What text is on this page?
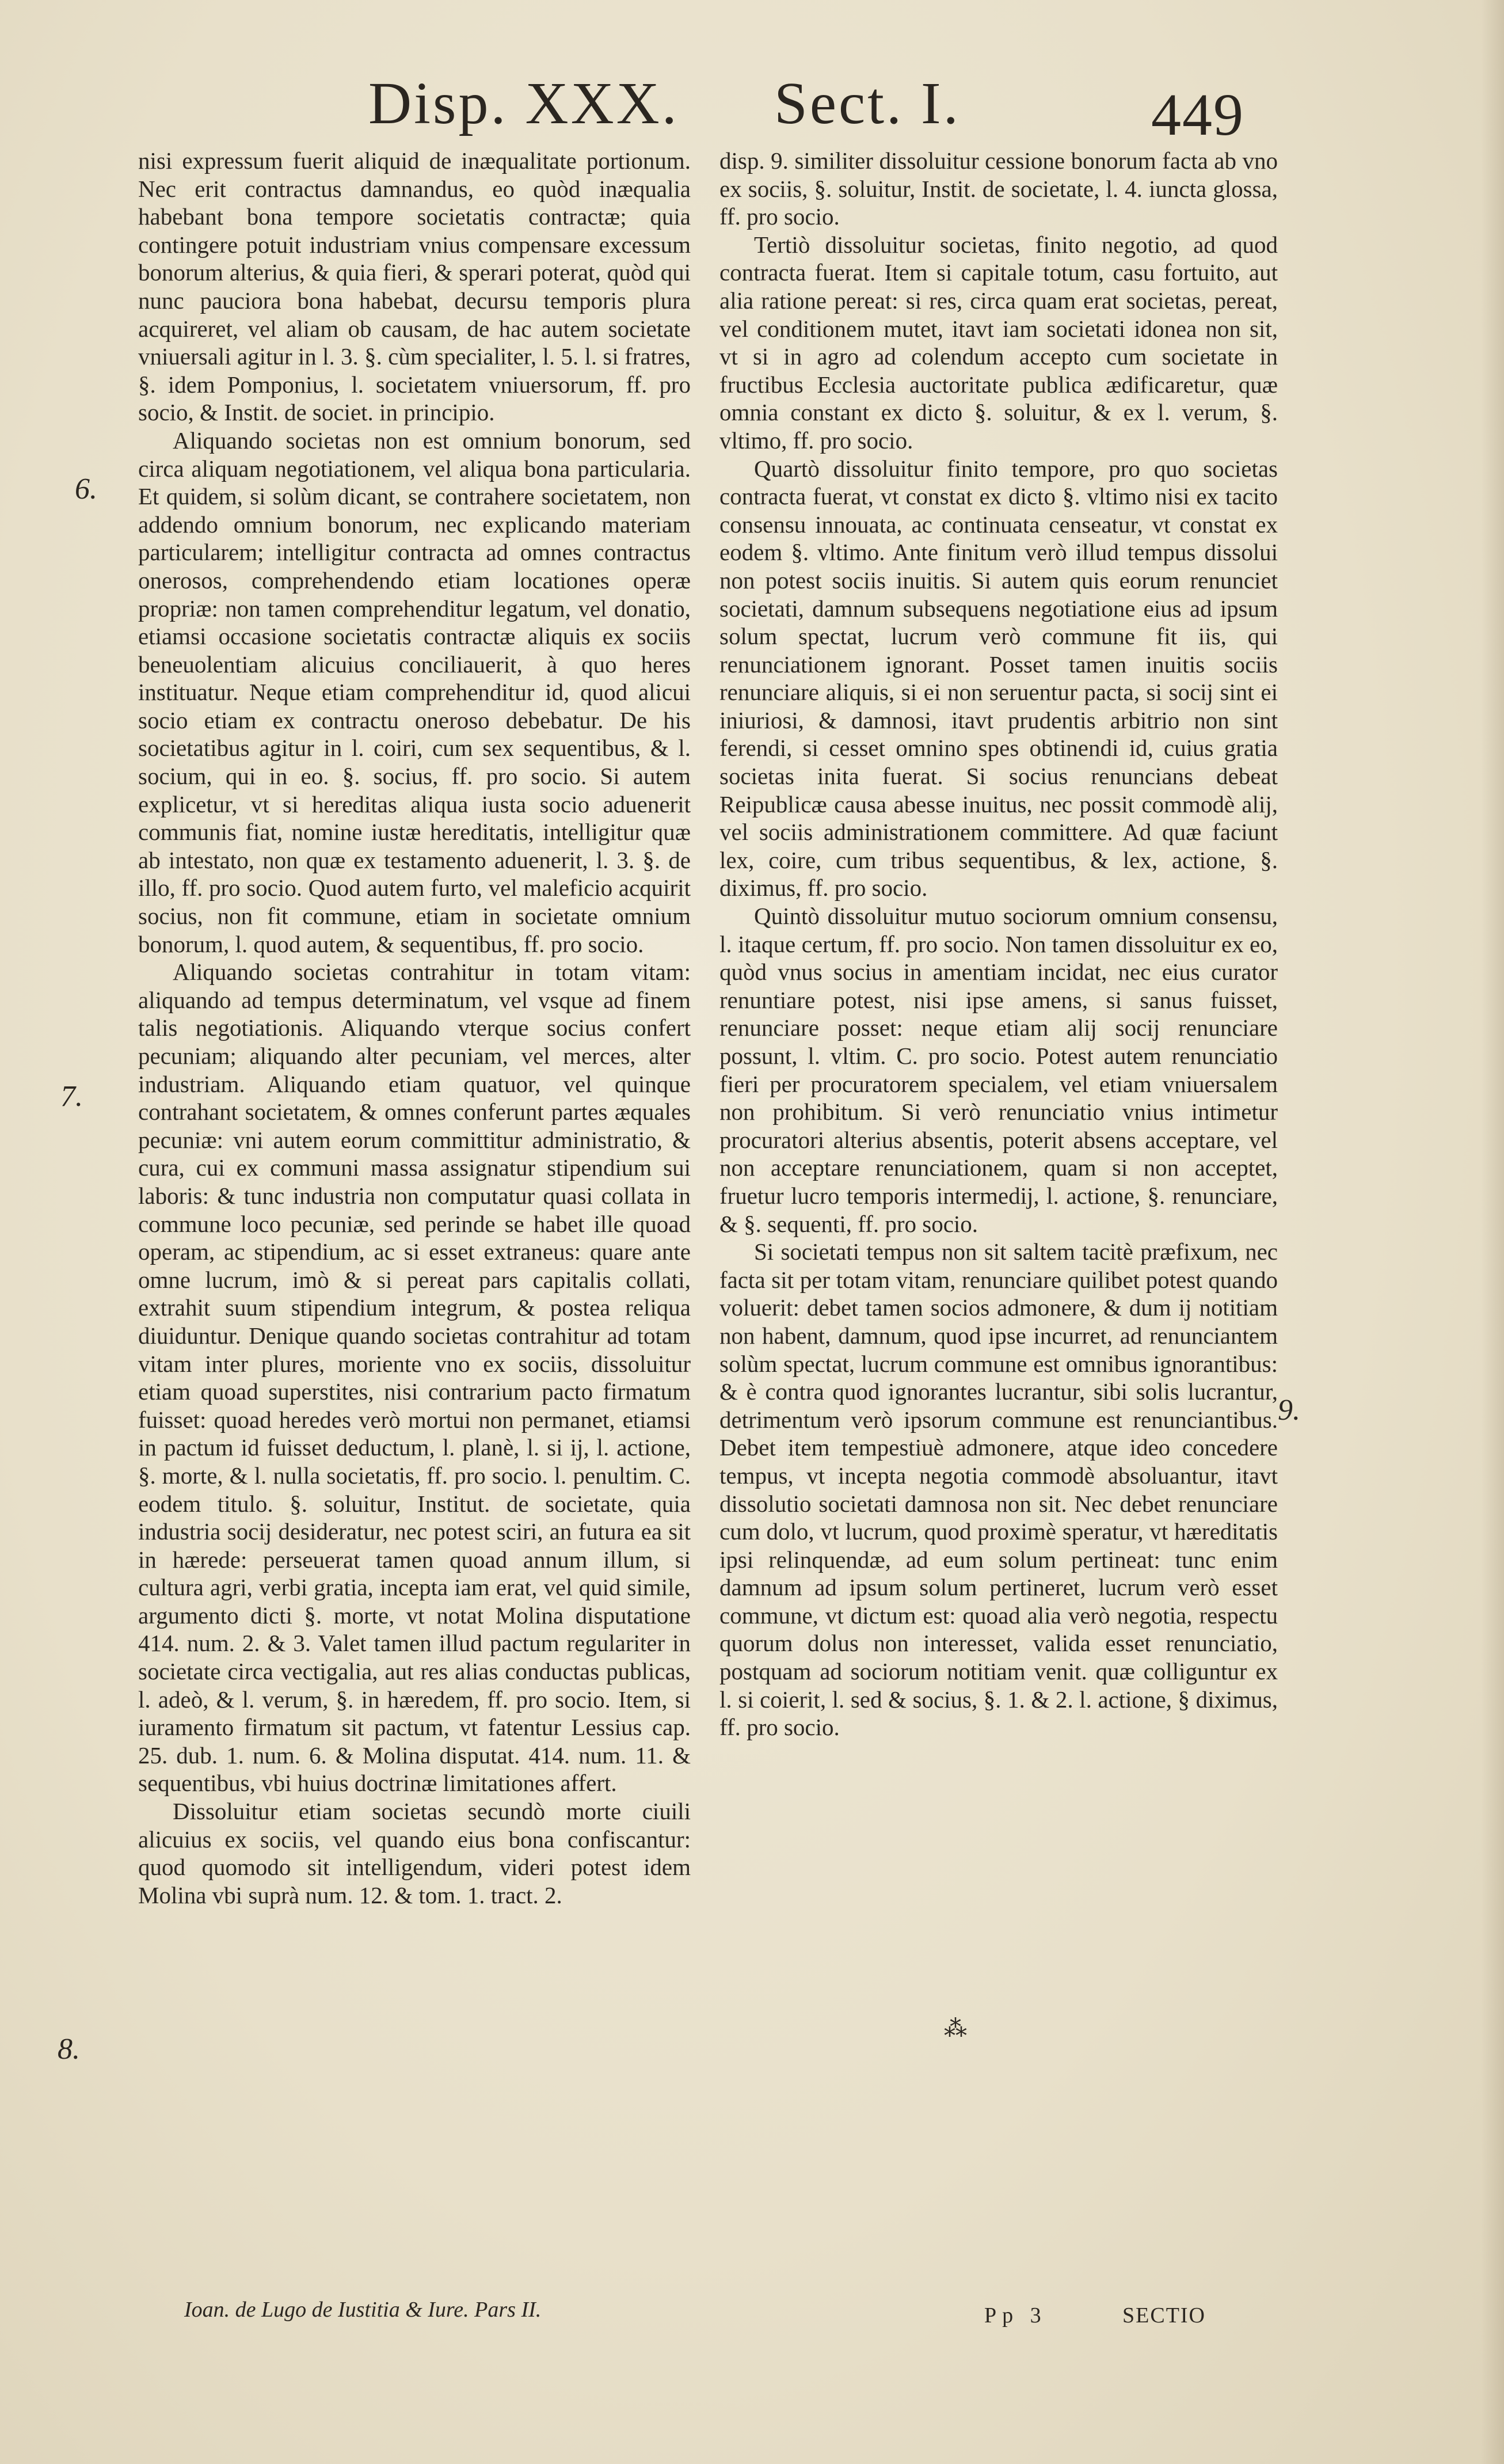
Disp. XXX. Sect. I.	449

nisi expressum fuerit aliquid de inæqualitate portionum. Nec erit contractus damnandus, eo quòd inæqualia habebant bona tempore societatis contractæ; quia contingere potuit industriam vnius compensare excessum bonorum alterius, & quia fieri, & sperari poterat, quòd qui nunc pauciora bona habebat, decursu temporis plura acquireret, vel aliam ob causam, de hac autem societate vniuersali agitur in l. 3. §. cùm specialiter, l. 5. l. si fratres, §. idem Pomponius, l. societatem vniuersorum, ff. pro socio, & Instit. de societ. in principio.

Aliquando societas non est omnium bonorum, sed circa aliquam negotiationem, vel aliqua bona particularia. Et quidem, si solùm dicant, se contrahere societatem, non addendo omnium bonorum, nec explicando materiam particularem; intelligitur contracta ad omnes contractus onerosos, comprehendendo etiam locationes operæ propriæ: non tamen comprehenditur legatum, vel donatio, etiamsi occasione societatis contractæ aliquis ex sociis beneuolentiam alicuius conciliauerit, à quo heres instituatur. Neque etiam comprehenditur id, quod alicui socio etiam ex contractu oneroso debebatur. De his societatibus agitur in l. coiri, cum sex sequentibus, & l. socium, qui in eo. §. socius, ff. pro socio. Si autem explicetur, vt si hereditas aliqua iusta socio aduenerit communis fiat, nomine iustæ hereditatis, intelligitur quæ ab intestato, non quæ ex testamento aduenerit, l. 3. §. de illo, ff. pro socio. Quod autem furto, vel maleficio acquirit socius, non fit commune, etiam in societate omnium bonorum, l. quod autem, & sequentibus, ff. pro socio.

Aliquando societas contrahitur in totam vitam: aliquando ad tempus determinatum, vel vsque ad finem talis negotiationis. Aliquando vterque socius confert pecuniam; aliquando alter pecuniam, vel merces, alter industriam. Aliquando etiam quatuor, vel quinque contrahant societatem, & omnes conferunt partes æquales pecuniæ: vni autem eorum committitur administratio, & cura, cui ex communi massa assignatur stipendium sui laboris: & tunc industria non computatur quasi collata in commune loco pecuniæ, sed perinde se habet ille quoad operam, ac stipendium, ac si esset extraneus: quare ante omne lucrum, imò & si pereat pars capitalis collati, extrahit suum stipendium integrum, & postea reliqua diuiduntur. Denique quando societas contrahitur ad totam vitam inter plures, moriente vno ex sociis, dissoluitur etiam quoad superstites, nisi contrarium pacto firmatum fuisset: quoad heredes verò mortui non permanet, etiamsi in pactum id fuisset deductum, l. planè, l. si ij, l. actione, §. morte, & l. nulla societatis, ff. pro socio. l. penultim. C. eodem titulo. §. soluitur, Institut. de societate, quia industria socij desideratur, nec potest sciri, an futura ea sit in hærede: perseuerat tamen quoad annum illum, si cultura agri, verbi gratia, incepta iam erat, vel quid simile, argumento dicti §. morte, vt notat Molina disputatione 414. num. 2. & 3. Valet tamen illud pactum regulariter in societate circa vectigalia, aut res alias conductas publicas, l. adeò, & l. verum, §. in hæredem, ff. pro socio. Item, si iuramento firmatum sit pactum, vt fatentur Lessius cap. 25. dub. 1. num. 6. & Molina disputat. 414. num. 11. & sequentibus, vbi huius doctrinæ limitationes affert.

Dissoluitur etiam societas secundò morte ciuili alicuius ex sociis, vel quando eius bona confiscantur: quod quomodo sit intelligendum, videri potest idem Molina vbi suprà num. 12. & tom. 1. tract. 2.

disp. 9. similiter dissoluitur cessione bonorum facta ab vno ex sociis, §. soluitur, Instit. de societate, l. 4. iuncta glossa, ff. pro socio.

Tertiò dissoluitur societas, finito negotio, ad quod contracta fuerat. Item si capitale totum, casu fortuito, aut alia ratione pereat: si res, circa quam erat societas, pereat, vel conditionem mutet, itavt iam societati idonea non sit, vt si in agro ad colendum accepto cum societate in fructibus Ecclesia auctoritate publica ædificaretur, quæ omnia constant ex dicto §. soluitur, & ex l. verum, §. vltimo, ff. pro socio.

Quartò dissoluitur finito tempore, pro quo societas contracta fuerat, vt constat ex dicto §. vltimo nisi ex tacito consensu innouata, ac continuata censeatur, vt constat ex eodem §. vltimo. Ante finitum verò illud tempus dissolui non potest sociis inuitis. Si autem quis eorum renunciet societati, damnum subsequens negotiatione eius ad ipsum solum spectat, lucrum verò commune fit iis, qui renunciationem ignorant. Posset tamen inuitis sociis renunciare aliquis, si ei non seruentur pacta, si socij sint ei iniuriosi, & damnosi, itavt prudentis arbitrio non sint ferendi, si cesset omnino spes obtinendi id, cuius gratia societas inita fuerat. Si socius renuncians debeat Reipublicæ causa abesse inuitus, nec possit commodè alij, vel sociis administrationem committere. Ad quæ faciunt lex, coire, cum tribus sequentibus, & lex, actione, §. diximus, ff. pro socio.

Quintò dissoluitur mutuo sociorum omnium consensu, l. itaque certum, ff. pro socio. Non tamen dissoluitur ex eo, quòd vnus socius in amentiam incidat, nec eius curator renuntiare potest, nisi ipse amens, si sanus fuisset, renunciare posset: neque etiam alij socij renunciare possunt, l. vltim. C. pro socio. Potest autem renunciatio fieri per procuratorem specialem, vel etiam vniuersalem non prohibitum. Si verò renunciatio vnius intimetur procuratori alterius absentis, poterit absens acceptare, vel non acceptare renunciationem, quam si non acceptet, fruetur lucro temporis intermedij, l. actione, §. renunciare, & §. sequenti, ff. pro socio.

Si societati tempus non sit saltem tacitè præfixum, nec facta sit per totam vitam, renunciare quilibet potest quando voluerit: debet tamen socios admonere, & dum ij notitiam non habent, damnum, quod ipse incurret, ad renunciantem solùm spectat, lucrum commune est omnibus ignorantibus: & è contra quod ignorantes lucrantur, sibi solis lucrantur, detrimentum verò ipsorum commune est renunciantibus. Debet item tempestiuè admonere, atque ideo concedere tempus, vt incepta negotia commodè absoluantur, itavt dissolutio societati damnosa non sit. Nec debet renunciare cum dolo, vt lucrum, quod proximè speratur, vt hæreditatis ipsi relinquendæ, ad eum solum pertineat: tunc enim damnum ad ipsum solum pertineret, lucrum verò esset commune, vt dictum est: quoad alia verò negotia, respectu quorum dolus non interesset, valida esset renunciatio, postquam ad sociorum notitiam venit. quæ colliguntur ex l. si coierit, l. sed & socius, §. 1. & 2. l. actione, § diximus, ff. pro socio.

6.
7.
8.
9.
⁂
Ioan. de Lugo de Iustitia & Iure. Pars II.	Pp 3	SECTIO
